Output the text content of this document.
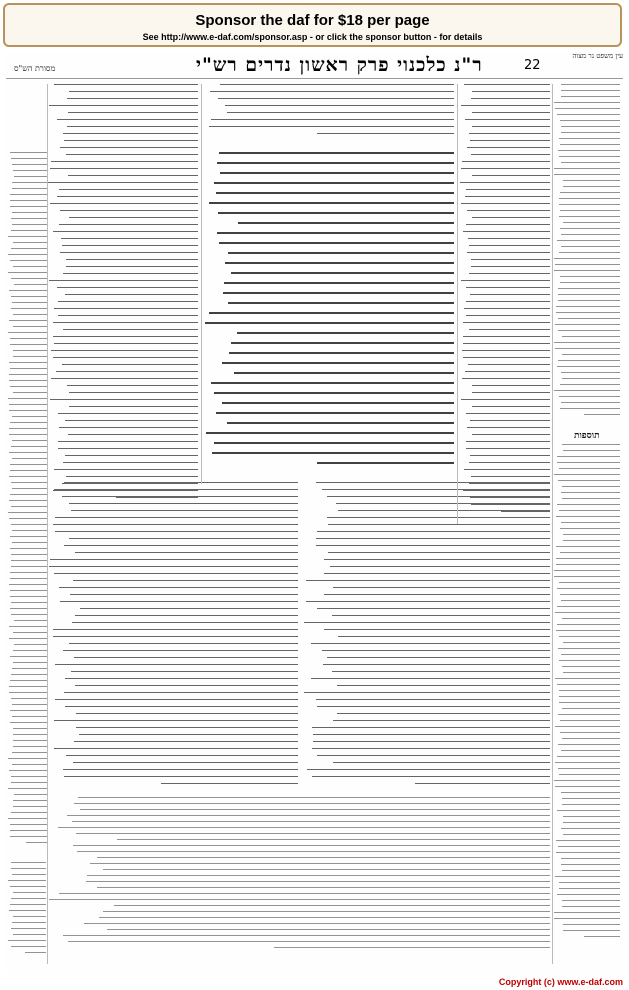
Sponsor the daf for $18 per page
See http://www.e-daf.com/sponsor.asp - or click the sponsor button - for details
מסורת הש"ס	ר"נ כלכנוי פרק ראשון נדרים רש"י	22
עין משפט נר מצוה
תוספות
Copyright (c) www.e-daf.com
